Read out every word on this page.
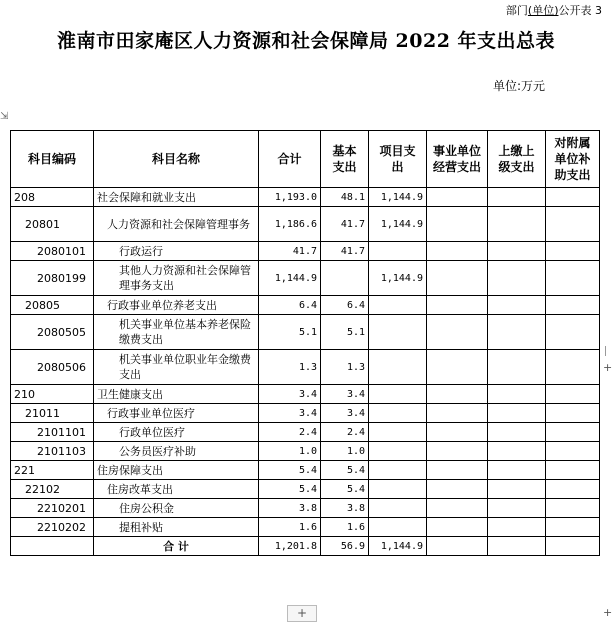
部门(单位)公开表 3
淮南市田家庵区人力资源和社会保障局 2022 年支出总表
单位:万元
⇲
+
科目编码	科目名称	合计	基本支出	项目支出	事业单位经营支出	上缴上级支出	对附属单位补助支出
208	社会保障和就业支出	1,193.0	48.1	1,144.9			
20801	人力资源和社会保障管理事务	1,186.6	41.7	1,144.9			
2080101	行政运行	41.7	41.7				
2080199	其他人力资源和社会保障管理事务支出	1,144.9		1,144.9			
20805	行政事业单位养老支出	6.4	6.4				
2080505	机关事业单位基本养老保险缴费支出	5.1	5.1				
2080506	机关事业单位职业年金缴费支出	1.3	1.3				
210	卫生健康支出	3.4	3.4				
21011	行政事业单位医疗	3.4	3.4				
2101101	行政单位医疗	2.4	2.4				
2101103	公务员医疗补助	1.0	1.0				
221	住房保障支出	5.4	5.4				
22102	住房改革支出	5.4	5.4				
2210201	住房公积金	3.8	3.8				
2210202	提租补贴	1.6	1.6				
	合 计	1,201.8	56.9	1,144.9			
+	+
